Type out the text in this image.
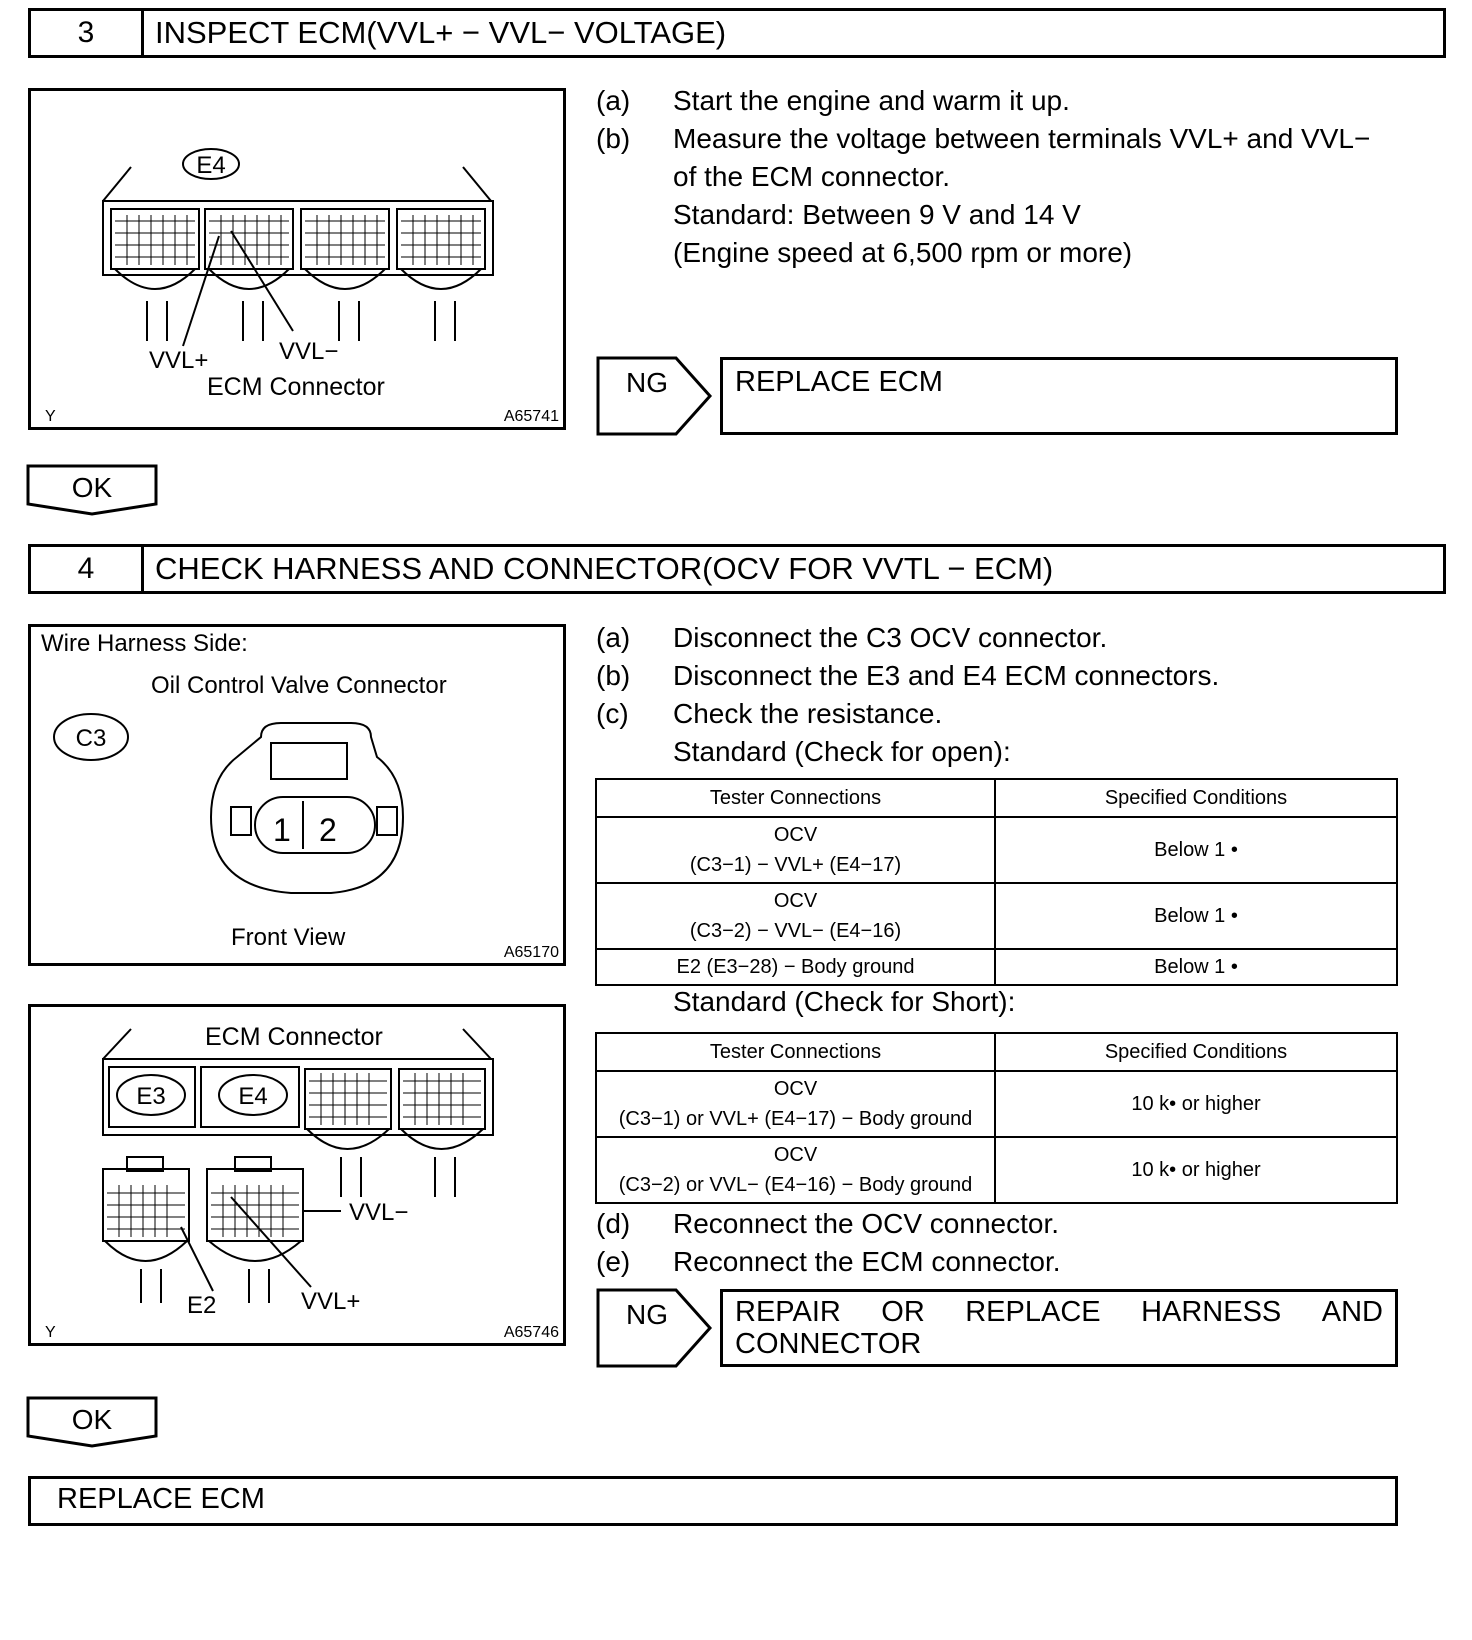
3	INSPECT ECM(VVL+ − VVL− VOLTAGE)
E4
VVL+	VVL−
ECM Connector
Y	A65741
(a) Start the engine and warm it up.
(b) Measure the voltage between terminals VVL+ and VVL−
of the ECM connector.
Standard: Between 9 V and 14 V
(Engine speed at 6,500 rpm or more)
NG REPLACE ECM
OK
4	CHECK HARNESS AND CONNECTOR(OCV FOR VVTL − ECM)
Wire Harness Side:
Oil Control Valve Connector
C3
1 2
Front View
A65170
ECM Connector
E3	E4
VVL−
E2	VVL+
Y	A65746
(a) Disconnect the C3 OCV connector.
(b) Disconnect the E3 and E4 ECM connectors.
(c) Check the resistance.
Standard (Check for open):
Tester Connections	Specified Conditions

OCV
(C3−1) − VVL+ (E4−17)	Below 1 •

OCV
(C3−2) − VVL− (E4−16)	Below 1 •
E2 (E3−28) − Body ground	Below 1 •
Standard (Check for Short):
Tester Connections	Specified Conditions

OCV
(C3−1) or VVL+ (E4−17) − Body ground	10 k• or higher

OCV
(C3−2) or VVL− (E4−16) − Body ground	10 k• or higher
(d) Reconnect the OCV connector.
(e) Reconnect the ECM connector.
NG REPAIR OR REPLACE HARNESS AND
CONNECTOR
OK
REPLACE ECM
